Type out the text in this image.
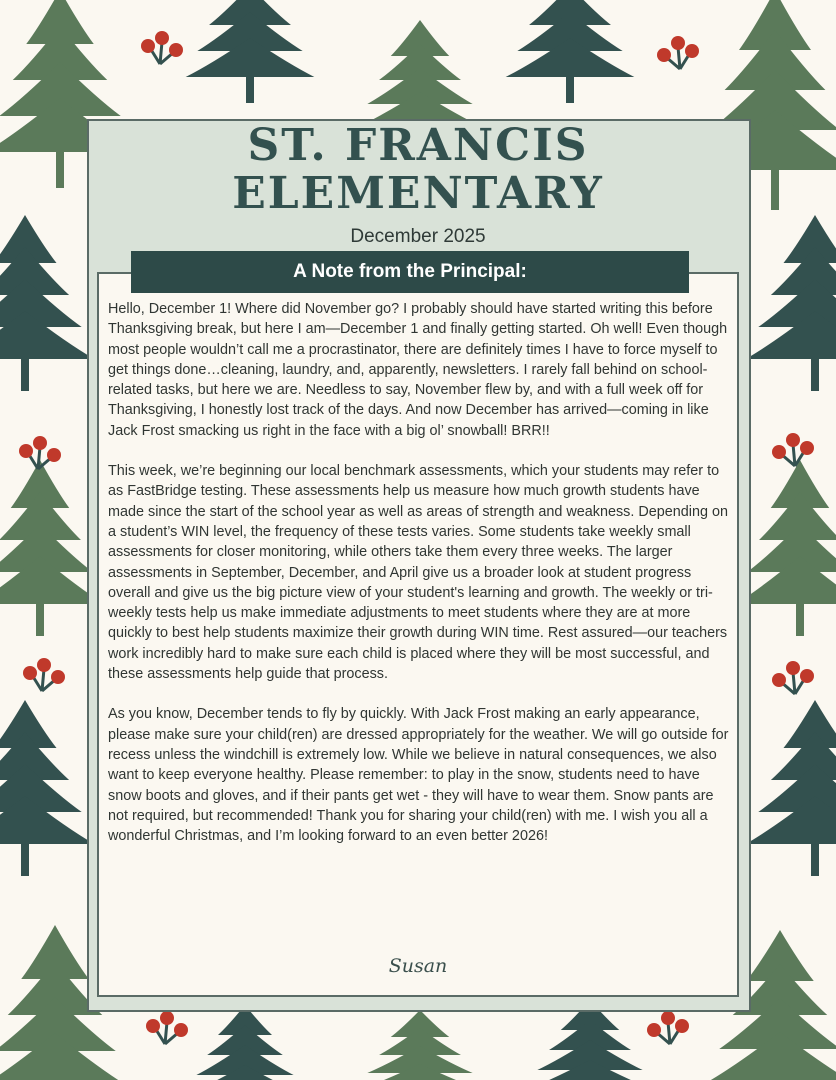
ST. FRANCIS
ELEMENTARY
December 2025
A Note from the Principal:

Hello, December 1! Where did November go? I probably should have started writing this before Thanksgiving break, but here I am—December 1 and finally getting started. Oh well! Even though most people wouldn’t call me a procrastinator, there are definitely times I have to force myself to get things done…cleaning, laundry, and, apparently, newsletters. I rarely fall behind on school-related tasks, but here we are. Needless to say, November flew by, and with a full week off for Thanksgiving, I honestly lost track of the days. And now December has arrived—coming in like Jack Frost smacking us right in the face with a big ol’ snowball! BRR!!

This week, we’re beginning our local benchmark assessments, which your students may refer to as FastBridge testing. These assessments help us measure how much growth students have made since the start of the school year as well as areas of strength and weakness. Depending on a student’s WIN level, the frequency of these tests varies. Some students take weekly small assessments for closer monitoring, while others take them every three weeks. The larger assessments in September, December, and April give us a broader look at student progress overall and give us the big picture view of your student's learning and growth. The weekly or tri-weekly tests help us make immediate adjustments to meet students where they are at more quickly to best help students maximize their growth during WIN time. Rest assured—our teachers work incredibly hard to make sure each child is placed where they will be most successful, and these assessments help guide that process.

As you know, December tends to fly by quickly. With Jack Frost making an early appearance, please make sure your child(ren) are dressed appropriately for the weather. We will go outside for recess unless the windchill is extremely low. While we believe in natural consequences, we also want to keep everyone healthy. Please remember: to play in the snow, students need to have snow boots and gloves, and if their pants get wet - they will have to wear them. Snow pants are not required, but recommended! Thank you for sharing your child(ren) with me. I wish you all a wonderful Christmas, and I’m looking forward to an even better 2026!

Susan
